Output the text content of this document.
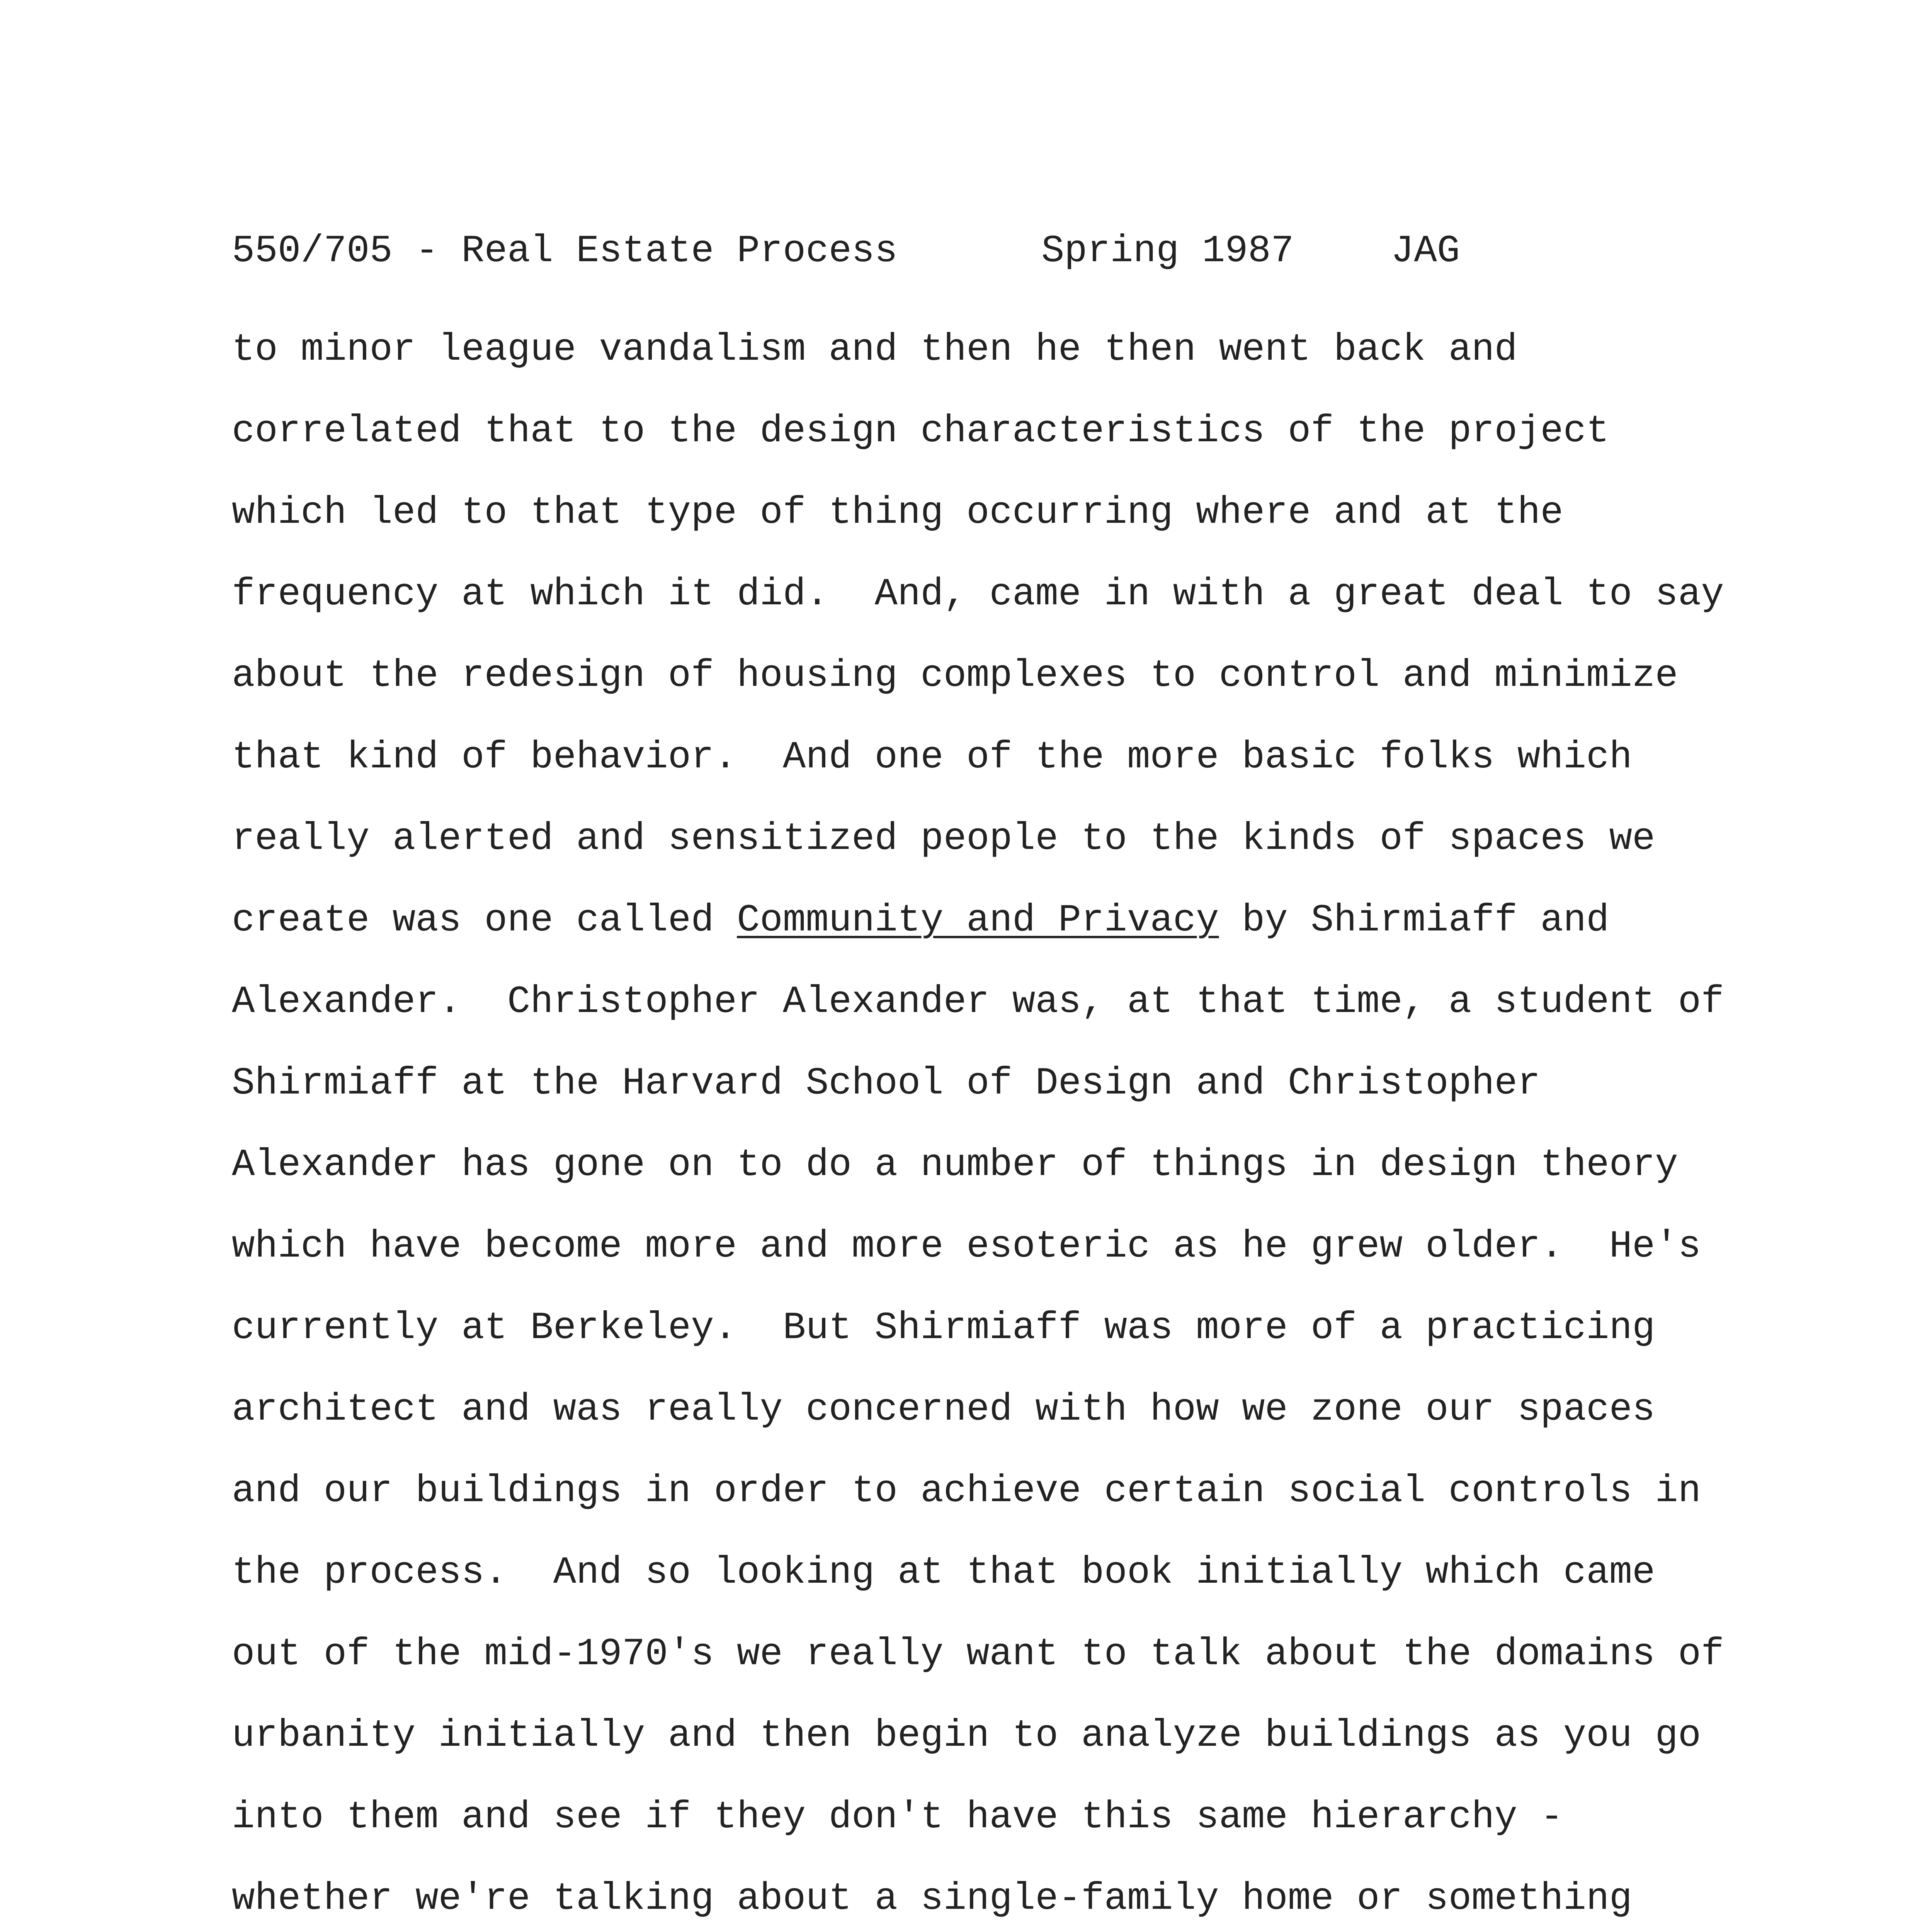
550/705 - Real Estate Process

	Spring 1987

	JAG

to minor league vandalism and then he then went back and
correlated that to the design characteristics of the project
which led to that type of thing occurring where and at the
frequency at which it did.  And, came in with a great deal to say
about the redesign of housing complexes to control and minimize
that kind of behavior.  And one of the more basic folks which
really alerted and sensitized people to the kinds of spaces we
create was one called Community and Privacy by Shirmiaff and
Alexander.  Christopher Alexander was, at that time, a student of
Shirmiaff at the Harvard School of Design and Christopher
Alexander has gone on to do a number of things in design theory
which have become more and more esoteric as he grew older.  He's
currently at Berkeley.  But Shirmiaff was more of a practicing
architect and was really concerned with how we zone our spaces
and our buildings in order to achieve certain social controls in
the process.  And so looking at that book initially which came
out of the mid-1970's we really want to talk about the domains of
urbanity initially and then begin to analyze buildings as you go
into them and see if they don't have this same hierarchy -
whether we're talking about a single-family home or something
